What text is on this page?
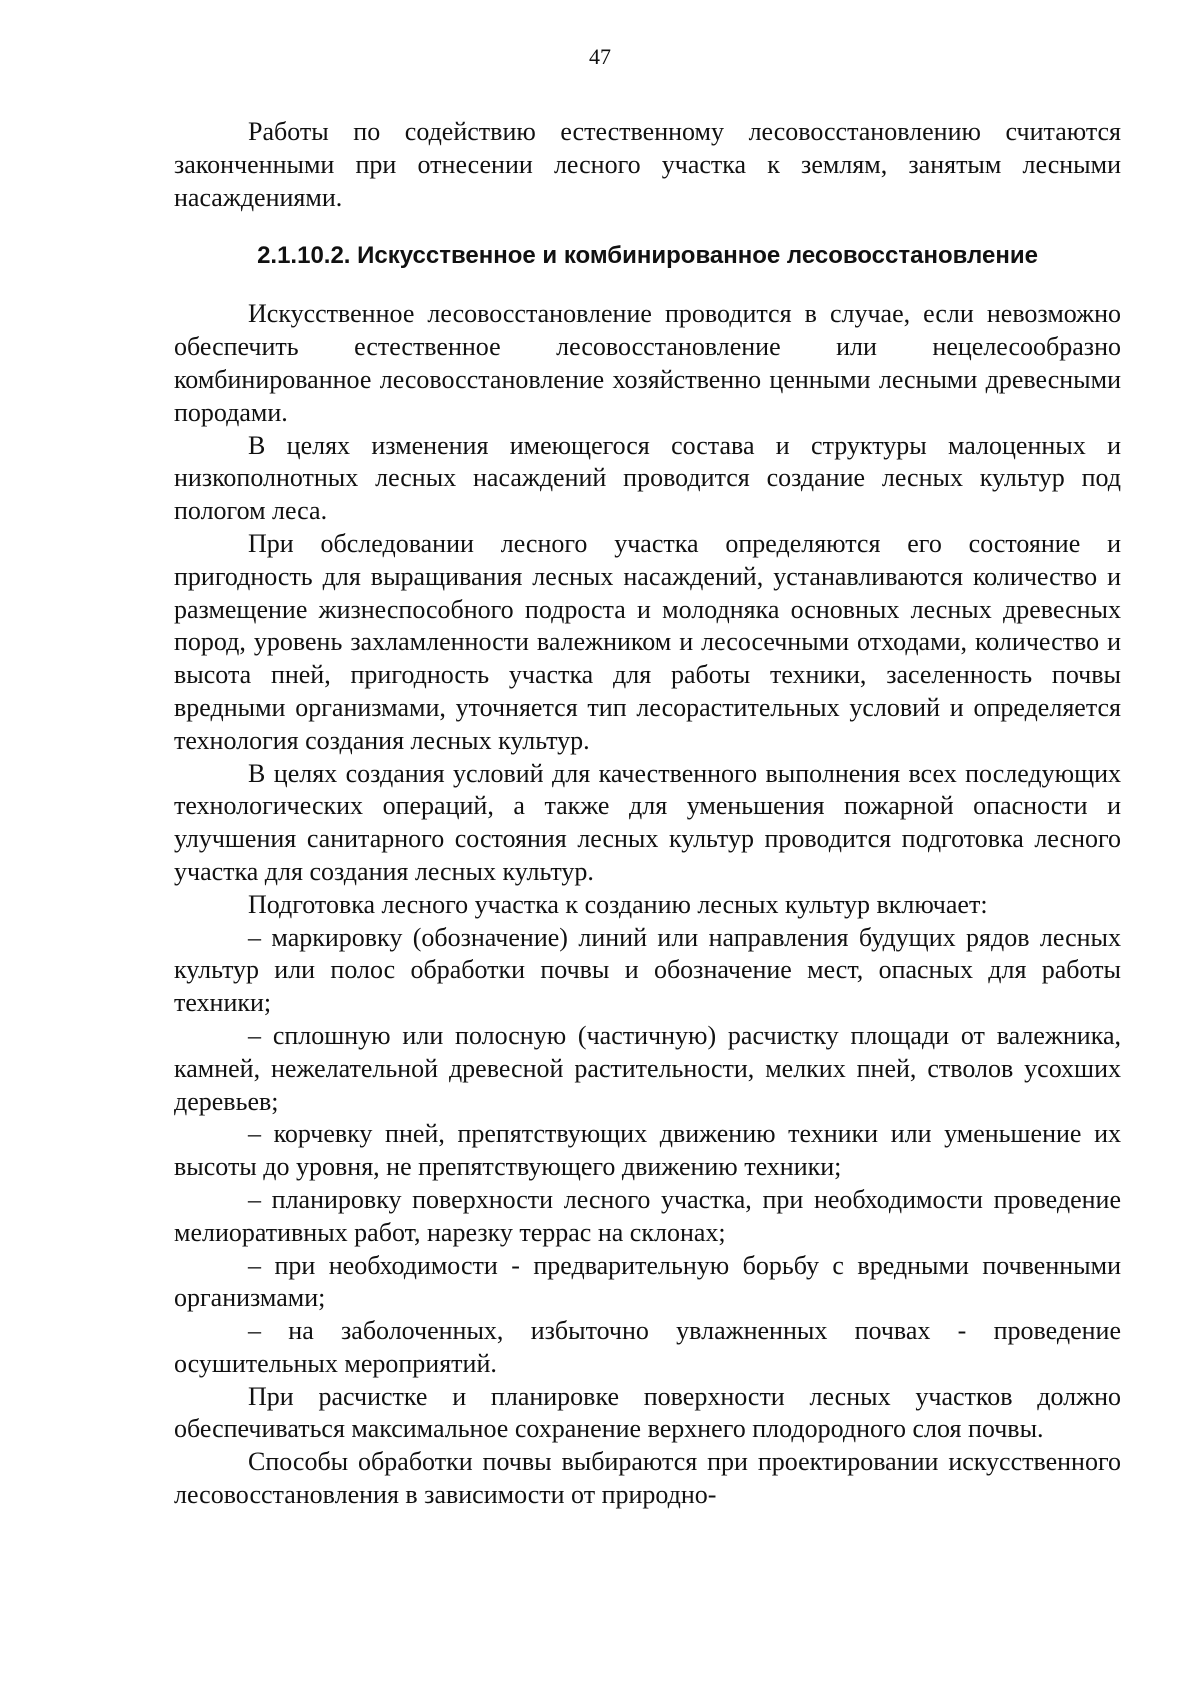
47

Работы по содействию естественному лесовосстановлению считаются законченными при отнесении лесного участка к землям, занятым лесными насаждениями.

2.1.10.2. Искусственное и комбинированное лесовосстановление

Искусственное лесовосстановление проводится в случае, если невозможно обеспечить естественное лесовосстановление или нецелесообразно комбинированное лесовосстановление хозяйственно ценными лесными древесными породами.

В целях изменения имеющегося состава и структуры малоценных и низкополнотных лесных насаждений проводится создание лесных культур под пологом леса.

При обследовании лесного участка определяются его состояние и пригодность для выращивания лесных насаждений, устанавливаются количество и размещение жизнеспособного подроста и молодняка основных лесных древесных пород, уровень захламленности валежником и лесосечными отходами, количество и высота пней, пригодность участка для работы техники, заселенность почвы вредными организмами, уточняется тип лесорастительных условий и определяется технология создания лесных культур.

В целях создания условий для качественного выполнения всех последующих технологических операций, а также для уменьшения пожарной опасности и улучшения санитарного состояния лесных культур проводится подготовка лесного участка для создания лесных культур.

Подготовка лесного участка к созданию лесных культур включает:

– маркировку (обозначение) линий или направления будущих рядов лесных культур или полос обработки почвы и обозначение мест, опасных для работы техники;

– сплошную или полосную (частичную) расчистку площади от валежника, камней, нежелательной древесной растительности, мелких пней, стволов усохших деревьев;

– корчевку пней, препятствующих движению техники или уменьшение их высоты до уровня, не препятствующего движению техники;

– планировку поверхности лесного участка, при необходимости проведение мелиоративных работ, нарезку террас на склонах;

– при необходимости - предварительную борьбу с вредными почвенными организмами;

– на заболоченных, избыточно увлажненных почвах - проведение осушительных мероприятий.

При расчистке и планировке поверхности лесных участков должно обеспечиваться максимальное сохранение верхнего плодородного слоя почвы.

Способы обработки почвы выбираются при проектировании искусственного лесовосстановления в зависимости от природно-
